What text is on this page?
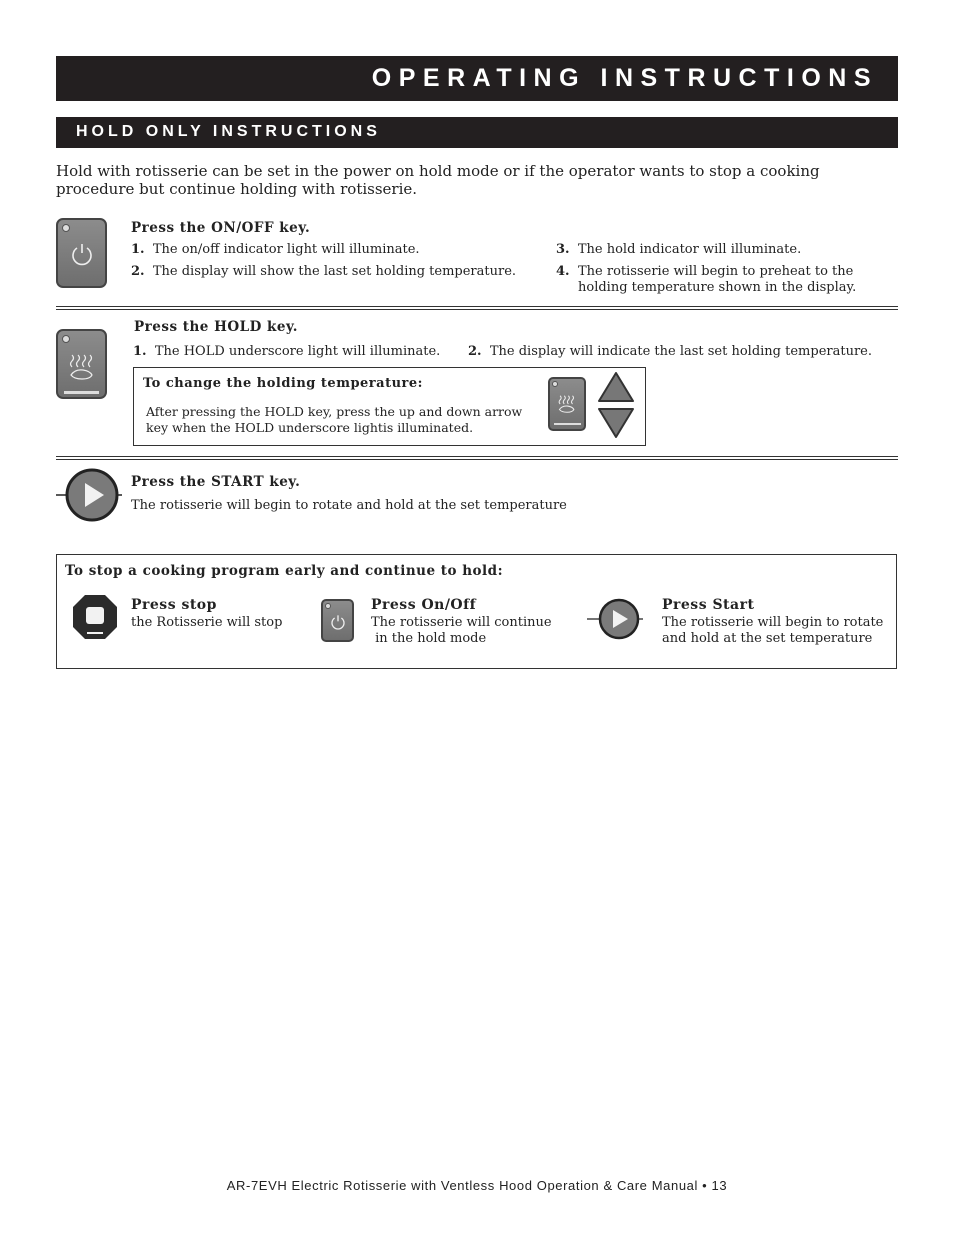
OPERATING INSTRUCTIONS
HOLD ONLY INSTRUCTIONS
Hold with rotisserie can be set in the power on hold mode or if the operator wants to stop a cooking procedure but continue holding with rotisserie.
Press the ON/OFF key.
1. The on/off indicator light will illuminate.
2. The display will show the last set holding temperature.
3. The hold indicator will illuminate.
4. The rotisserie will begin to preheat to the holding temperature shown in the display.
Press the HOLD key.
1. The HOLD underscore light will illuminate. 2. The display will indicate the last set holding temperature.
To change the holding temperature:
After pressing the HOLD key, press the up and down arrow key when the HOLD underscore lightis illuminated.
Press the START key.
The rotisserie will begin to rotate and hold at the set temperature
To stop a cooking program early and continue to hold:
Press stop
the Rotisserie will stop
Press On/Off
The rotisserie will continue
in the hold mode
Press Start
The rotisserie will begin to rotate and hold at the set temperature
AR-7EVH Electric Rotisserie with Ventless Hood Operation & Care Manual • 13
